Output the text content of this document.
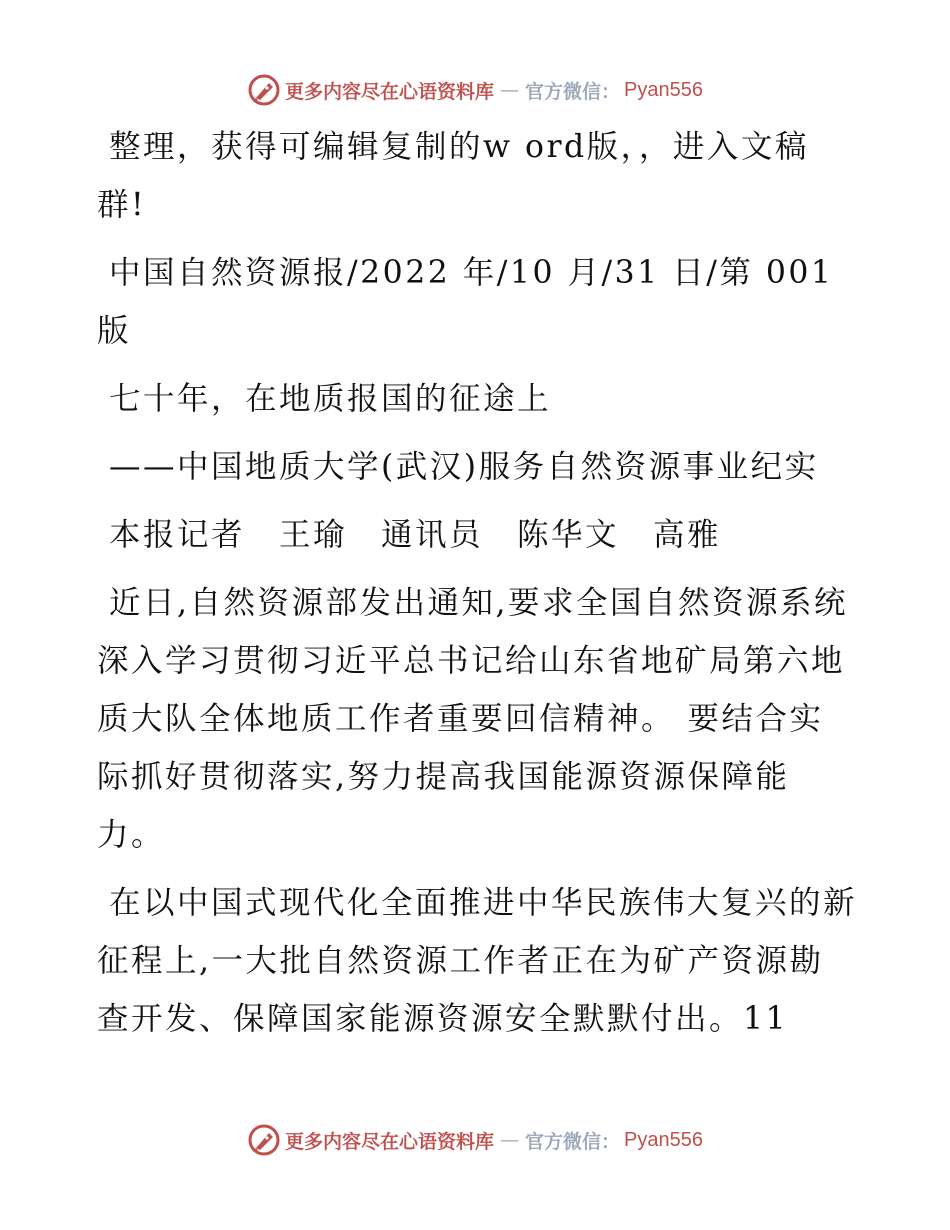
更多内容尽在心语资料库 — 官方微信： Pyan556

整理，获得可编辑复制的w ord版，，进入文稿群!

中国自然资源报/2022 年/10 月/31 日/第 001 版

七十年，在地质报国的征途上

——中国地质大学(武汉)服务自然资源事业纪实

本报记者　王瑜　通讯员　陈华文　高雅

近日,自然资源部发出通知,要求全国自然资源系统深入学习贯彻习近平总书记给山东省地矿局第六地质大队全体地质工作者重要回信精神。 要结合实际抓好贯彻落实,努力提高我国能源资源保障能力。

在以中国式现代化全面推进中华民族伟大复兴的新征程上,一大批自然资源工作者正在为矿产资源勘查开发、保障国家能源资源安全默默付出。11

更多内容尽在心语资料库 — 官方微信： Pyan556
